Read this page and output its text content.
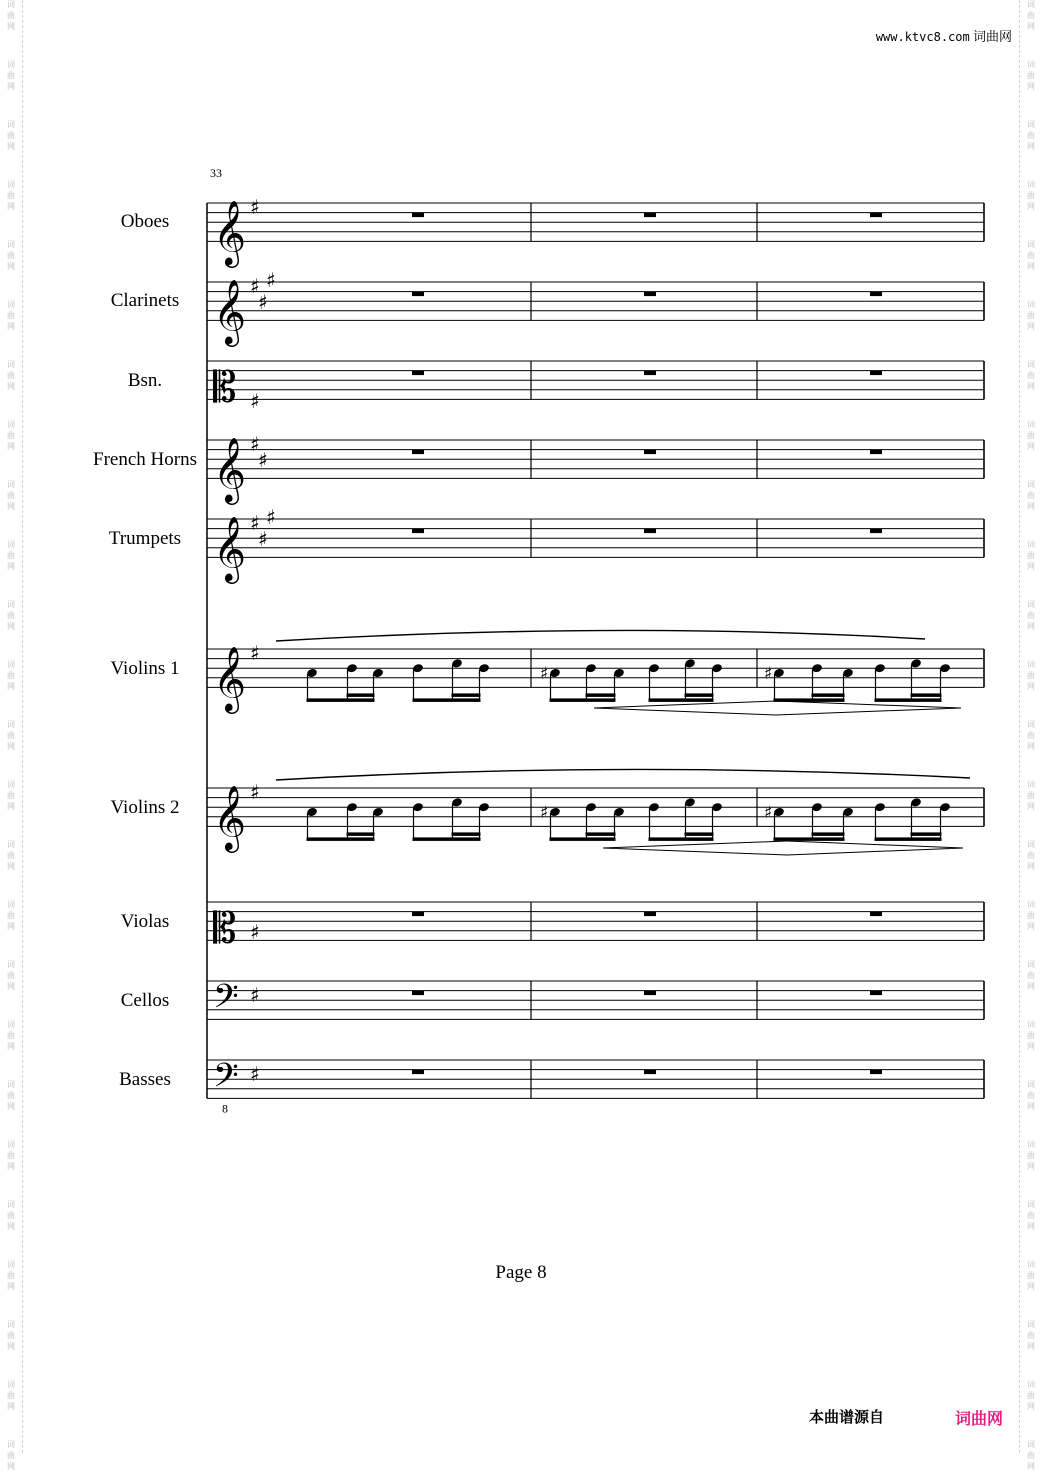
词
曲
网
词
曲
网
词
曲
网
词
曲
网
词
曲
网
词
曲
网
词
曲
网
词
曲
网
词
曲
网
词
曲
网
词
曲
网
词
曲
网
词
曲
网
词
曲
网
词
曲
网
词
曲
网
词
曲
网
词
曲
网
词
曲
网
词
曲
网
词
曲
网
词
曲
网
词
曲
网
词
曲
网
词
曲
网
词
曲
网
词
曲
网
词
曲
网
词
曲
网
词
曲
网
词
曲
网
词
曲
网
词
曲
网
词
曲
网
词
曲
网
词
曲
网
词
曲
网
词
曲
网
词
曲
网
词
曲
网
词
曲
网
词
曲
网
词
曲
网
词
曲
网
词
曲
网
词
曲
网
词
曲
网
词
曲
网
词
曲
网
词
曲
网
www.ktvc8.com 词曲网
33
Oboes
Clarinets
Bsn.
French Horns
Trumpets
Violins 1
Violins 2
Violas
Cellos
Basses
𝄞 ♯
𝄞 ♯
♯
♯
𝄡 ♯
𝄞 ♯
♯
𝄞 ♯
♯
♯
𝄞 ♯
♯	♯
𝄞 ♯
♯	♯
𝄡 ♯
𝄢 ♯
𝄢
8
♯
Page 8
本曲谱源自	词曲网
